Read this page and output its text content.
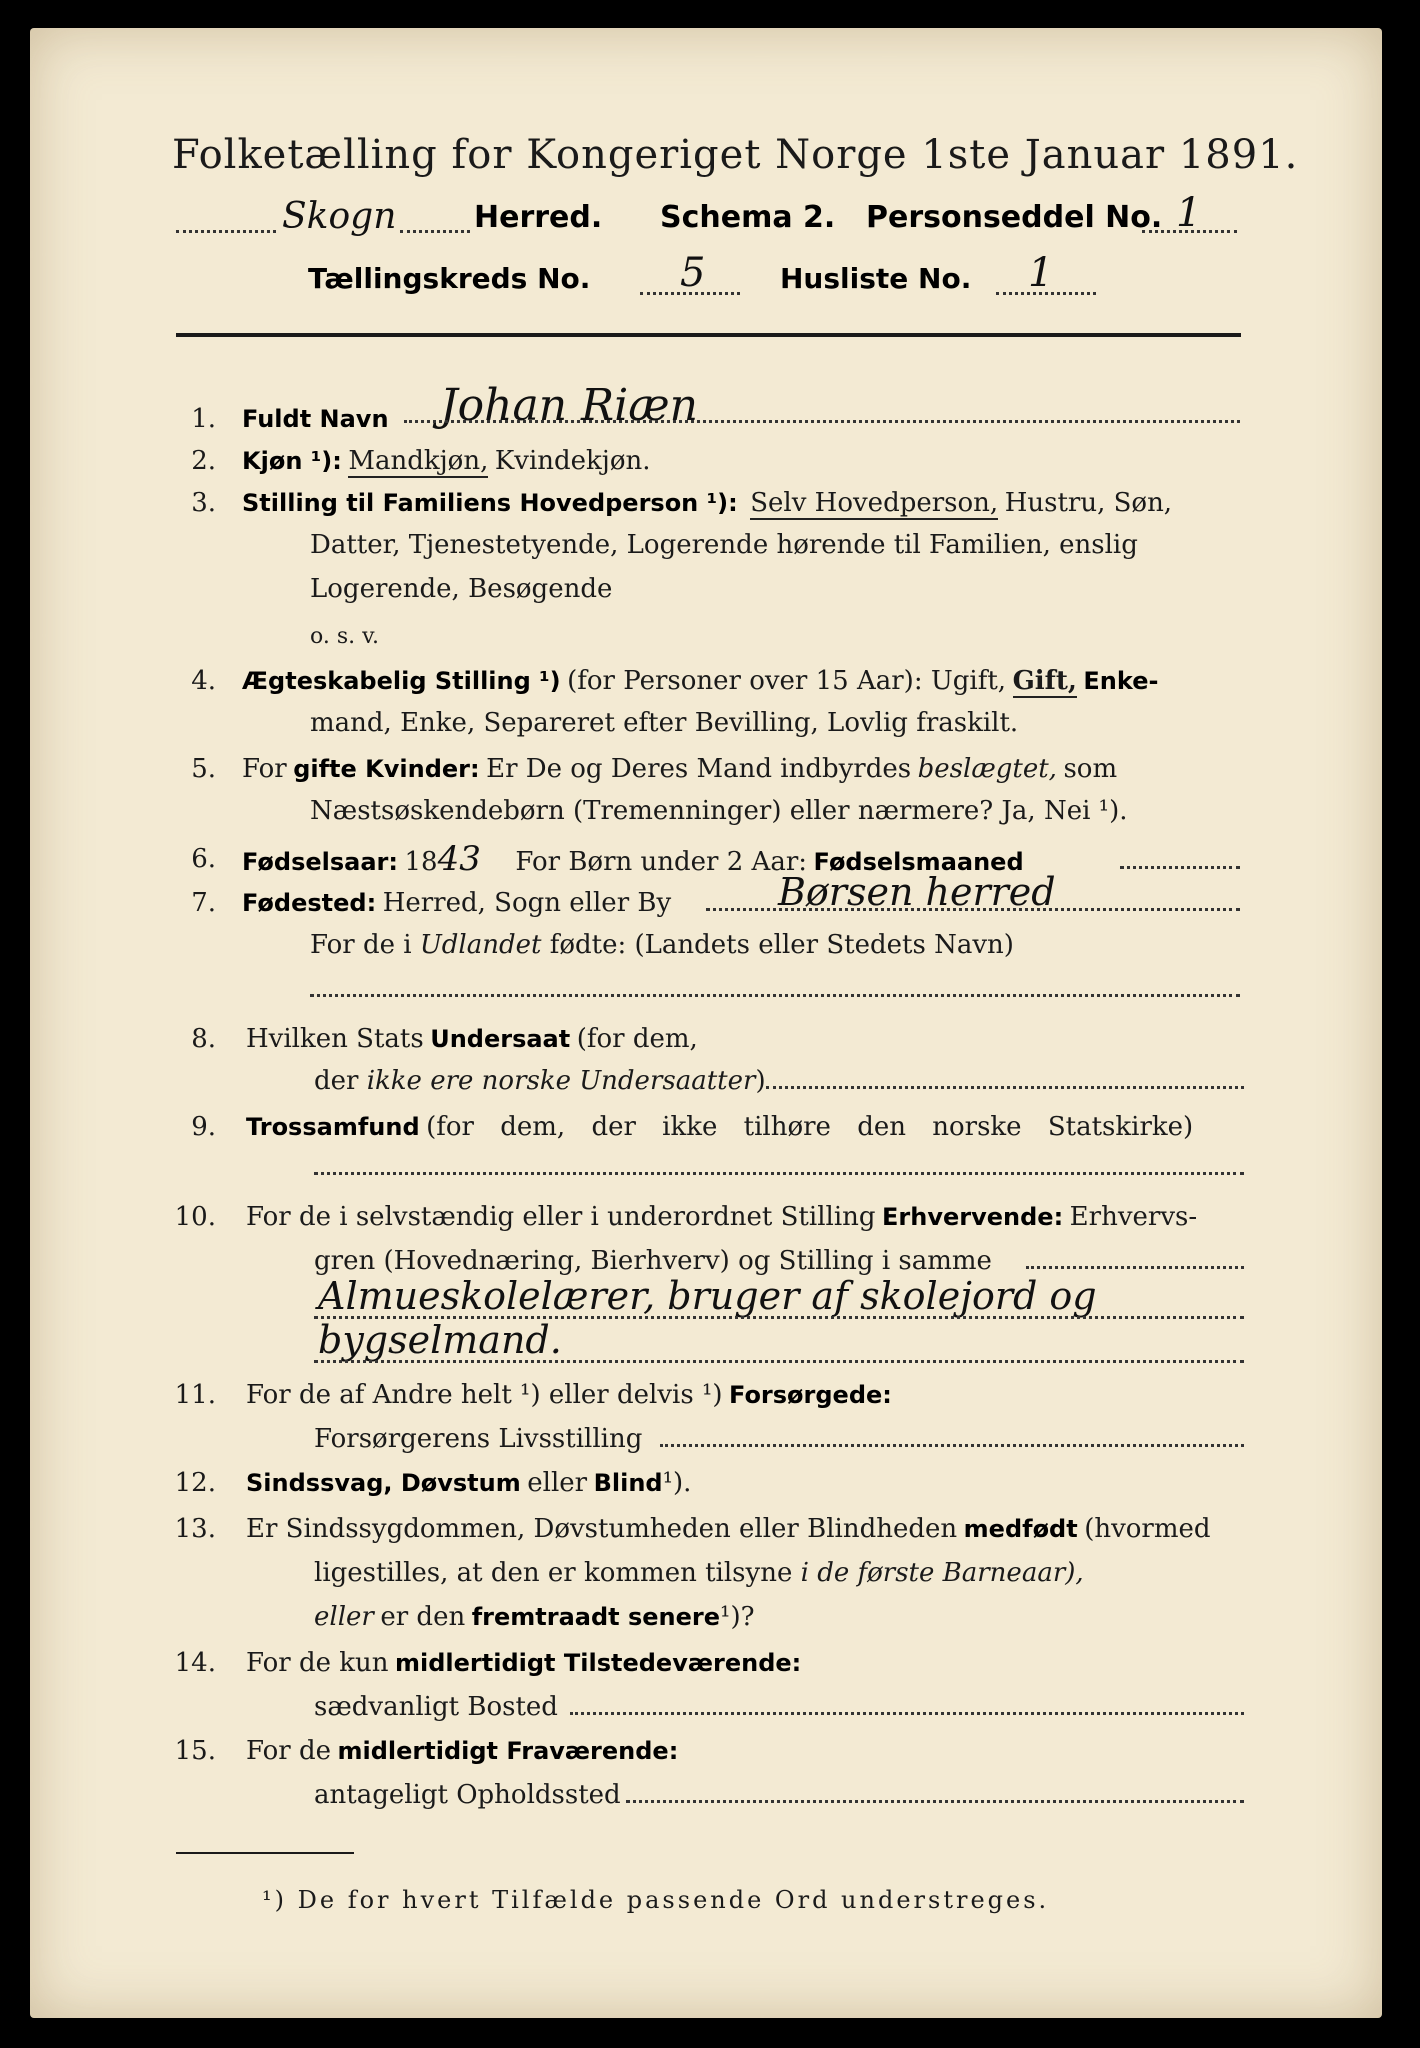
Folketælling for Kongeriget Norge 1ste Januar 1891.
Skogn	Herred. Schema 2. Personseddel No. 1
Tællingskreds No. 5	Husliste No. 1
1. Fuldt Navn Johan Riæn
2. Kjøn ¹): Mandkjøn, Kvindekjøn.
3. Stilling til Familiens Hovedperson ¹): Selv Hovedperson, Hustru, Søn,
Datter, Tjenestetyende, Logerende hørende til Familien, enslig
Logerende, Besøgende
o. s. v.
4. Ægteskabelig Stilling ¹) (for Personer over 15 Aar): Ugift, Gift, Enke-
mand, Enke, Separeret efter Bevilling, Lovlig fraskilt.
5. For gifte Kvinder: Er De og Deres Mand indbyrdes beslægtet, som
Næstsøskendebørn (Tremenninger) eller nærmere? Ja, Nei ¹).
6. Fødselsaar: 1843 For Børn under 2 Aar: Fødselsmaaned
7. Fødested: Herred, Sogn eller By	Børsen herred
For de i Udlandet fødte: (Landets eller Stedets Navn)
8. Hvilken Stats Undersaat (for dem,
der ikke ere norske Undersaatter)
9. Trossamfund (for dem, der ikke tilhøre den norske Statskirke)
10. For de i selvstændig eller i underordnet Stilling Erhvervende: Erhvervs-
gren (Hovednæring, Bierhverv) og Stilling i samme
Almueskolelærer, bruger af skolejord og
bygselmand.
11. For de af Andre helt ¹) eller delvis ¹) Forsørgede:
Forsørgerens Livsstilling
12. Sindssvag, Døvstum eller Blind¹).
13. Er Sindssygdommen, Døvstumheden eller Blindheden medfødt (hvormed
ligestilles, at den er kommen tilsyne i de første Barneaar),
eller er den fremtraadt senere¹)?
14. For de kun midlertidigt Tilstedeværende:
sædvanligt Bosted
15. For de midlertidigt Fraværende:
antageligt Opholdssted
¹) De for hvert Tilfælde passende Ord understreges.
